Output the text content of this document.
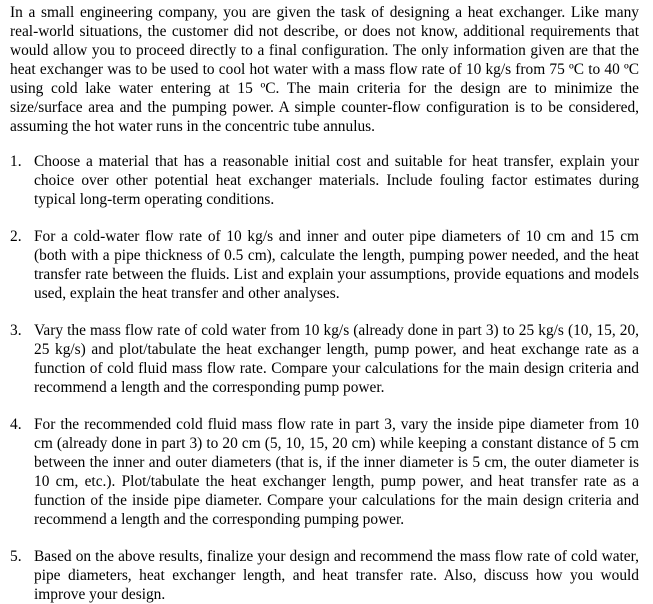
In a small engineering company, you are given the task of designing a heat exchanger. Like many real-world situations, the customer did not describe, or does not know, additional requirements that would allow you to proceed directly to a final configuration. The only information given are that the heat exchanger was to be used to cool hot water with a mass flow rate of 10 kg/s from 75 ºC to 40 ºC using cold lake water entering at 15 ºC. The main criteria for the design are to minimize the size/surface area and the pumping power. A simple counter-flow configuration is to be considered, assuming the hot water runs in the concentric tube annulus.

1. Choose a material that has a reasonable initial cost and suitable for heat transfer, explain your choice over other potential heat exchanger materials. Include fouling factor estimates during typical long-term operating conditions.
2. For a cold-water flow rate of 10 kg/s and inner and outer pipe diameters of 10 cm and 15 cm (both with a pipe thickness of 0.5 cm), calculate the length, pumping power needed, and the heat transfer rate between the fluids. List and explain your assumptions, provide equations and models used, explain the heat transfer and other analyses.
3. Vary the mass flow rate of cold water from 10 kg/s (already done in part 3) to 25 kg/s (10, 15, 20, 25 kg/s) and plot/tabulate the heat exchanger length, pump power, and heat exchange rate as a function of cold fluid mass flow rate. Compare your calculations for the main design criteria and recommend a length and the corresponding pump power.
4. For the recommended cold fluid mass flow rate in part 3, vary the inside pipe diameter from 10 cm (already done in part 3) to 20 cm (5, 10, 15, 20 cm) while keeping a constant distance of 5 cm between the inner and outer diameters (that is, if the inner diameter is 5 cm, the outer diameter is 10 cm, etc.). Plot/tabulate the heat exchanger length, pump power, and heat transfer rate as a function of the inside pipe diameter. Compare your calculations for the main design criteria and recommend a length and the corresponding pumping power.
5. Based on the above results, finalize your design and recommend the mass flow rate of cold water, pipe diameters, heat exchanger length, and heat transfer rate. Also, discuss how you would improve your design.
